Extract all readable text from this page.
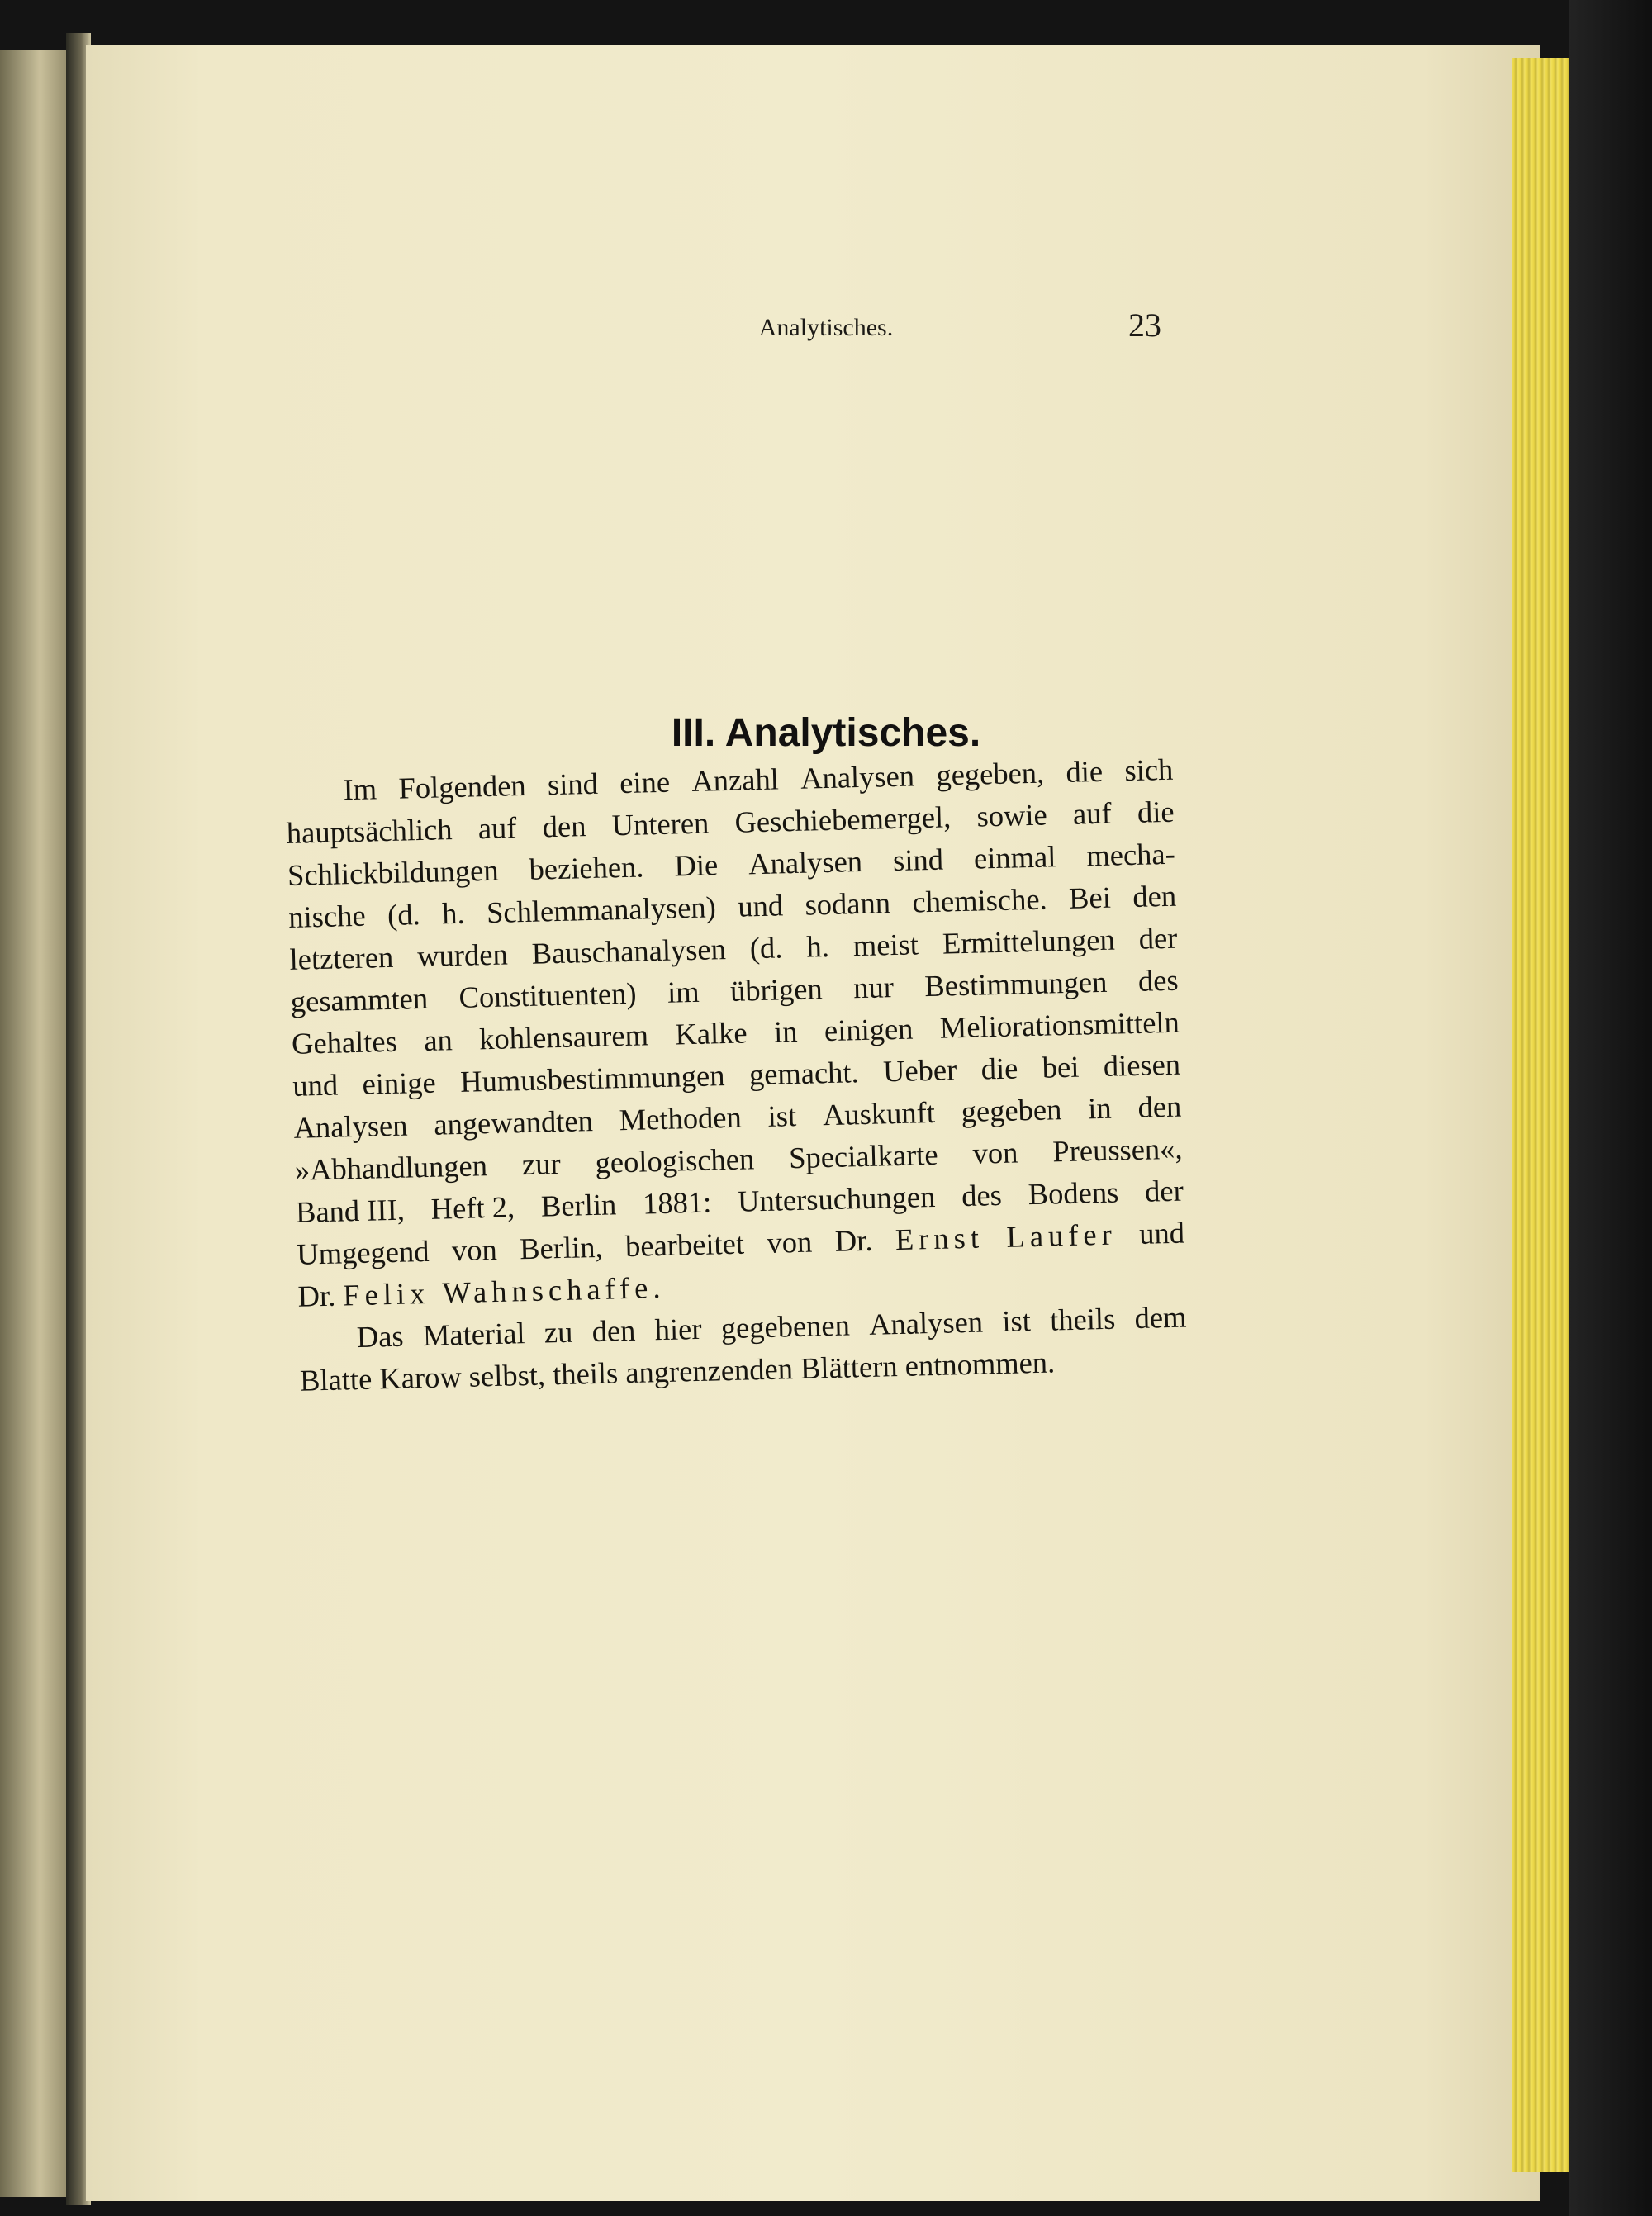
Analytisches.	23
III. Analytisches.
Im Folgenden sind eine Anzahl Analysen gegeben, die sich
hauptsächlich auf den Unteren Geschiebemergel, sowie auf die
Schlickbildungen beziehen. Die Analysen sind einmal mecha-
nische (d. h. Schlemmanalysen) und sodann chemische. Bei den
letzteren wurden Bauschanalysen (d. h. meist Ermittelungen der
gesammten Constituenten) im übrigen nur Bestimmungen des
Gehaltes an kohlensaurem Kalke in einigen Meliorationsmitteln
und einige Humusbestimmungen gemacht. Ueber die bei diesen
Analysen angewandten Methoden ist Auskunft gegeben in den
»Abhandlungen zur geologischen Specialkarte von Preussen«,
Band III, Heft 2, Berlin 1881: Untersuchungen des Bodens der
Umgegend von Berlin, bearbeitet von Dr. Ernst Laufer und
Dr.
Felix
Wahnschaffe.
Das Material zu den hier gegebenen Analysen ist theils dem
Blatte
Karow
selbst,
theils
angrenzenden
Blättern
entnommen.
